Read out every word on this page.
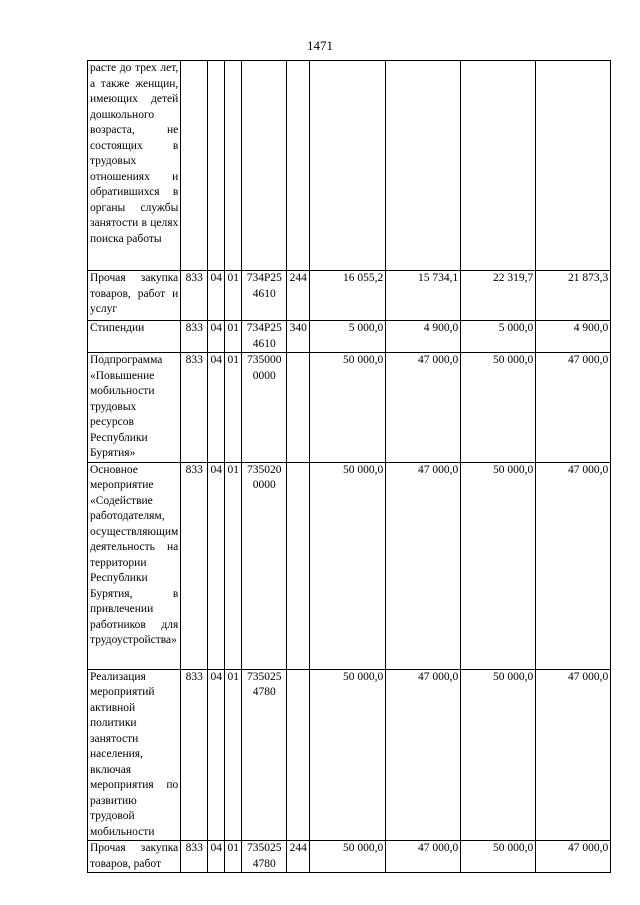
1471
расте до трех лет, а также женщин, имеющих детей дошкольного возраста, не состоящих в трудовых отношениях и обратившихся в органы службы занятости в целях поиска работы									
Прочая закупка товаров, работ и услуг	833	04	01	734P25 4610	244	16 055,2	15 734,1	22 319,7	21 873,3
Стипендии	833	04	01	734P25 4610	340	5 000,0	4 900,0	5 000,0	4 900,0
Подпрограмма «Повышение мобильности трудовых ресурсов Республики Бурятия»	833	04	01	735000 0000		50 000,0	47 000,0	50 000,0	47 000,0
Основное мероприятие «Содействие работодателям, осуществляющим деятельность на территории Республики Бурятия, в привлечении работников для трудоустройства»	833	04	01	735020 0000		50 000,0	47 000,0	50 000,0	47 000,0
Реализация мероприятий активной политики занятости населения, включая мероприятия по развитию трудовой мобильности	833	04	01	735025 4780		50 000,0	47 000,0	50 000,0	47 000,0
Прочая закупка товаров, работ	833	04	01	735025 4780	244	50 000,0	47 000,0	50 000,0	47 000,0
